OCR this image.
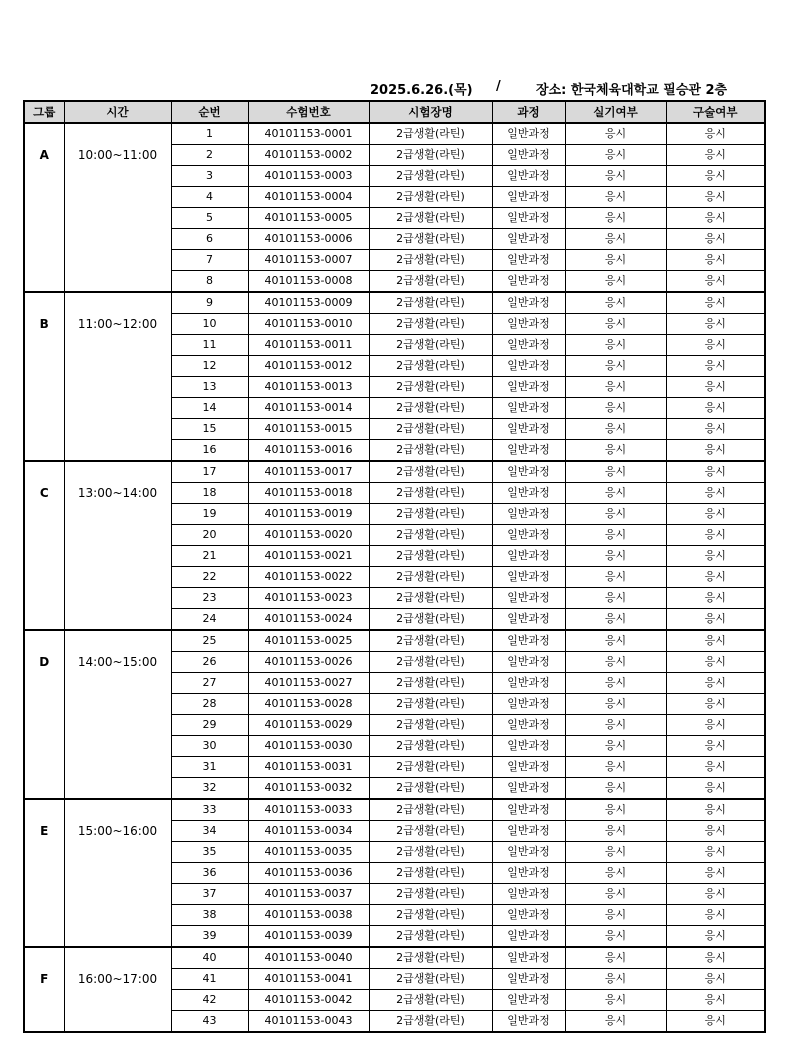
2025.6.26.(목) /	장소: 한국체육대학교 필승관 2층
그룹	시간	순번	수험번호	시험장명	과정	실기여부	구술여부
A	10:00~11:00	1	40101153-0001	2급생활(라틴)	일반과정	응시	응시
		2	40101153-0002	2급생활(라틴)	일반과정	응시	응시
		3	40101153-0003	2급생활(라틴)	일반과정	응시	응시
		4	40101153-0004	2급생활(라틴)	일반과정	응시	응시
		5	40101153-0005	2급생활(라틴)	일반과정	응시	응시
		6	40101153-0006	2급생활(라틴)	일반과정	응시	응시
		7	40101153-0007	2급생활(라틴)	일반과정	응시	응시
		8	40101153-0008	2급생활(라틴)	일반과정	응시	응시
B	11:00~12:00	9	40101153-0009	2급생활(라틴)	일반과정	응시	응시
		10	40101153-0010	2급생활(라틴)	일반과정	응시	응시
		11	40101153-0011	2급생활(라틴)	일반과정	응시	응시
		12	40101153-0012	2급생활(라틴)	일반과정	응시	응시
		13	40101153-0013	2급생활(라틴)	일반과정	응시	응시
		14	40101153-0014	2급생활(라틴)	일반과정	응시	응시
		15	40101153-0015	2급생활(라틴)	일반과정	응시	응시
		16	40101153-0016	2급생활(라틴)	일반과정	응시	응시
C	13:00~14:00	17	40101153-0017	2급생활(라틴)	일반과정	응시	응시
		18	40101153-0018	2급생활(라틴)	일반과정	응시	응시
		19	40101153-0019	2급생활(라틴)	일반과정	응시	응시
		20	40101153-0020	2급생활(라틴)	일반과정	응시	응시
		21	40101153-0021	2급생활(라틴)	일반과정	응시	응시
		22	40101153-0022	2급생활(라틴)	일반과정	응시	응시
		23	40101153-0023	2급생활(라틴)	일반과정	응시	응시
		24	40101153-0024	2급생활(라틴)	일반과정	응시	응시
D	14:00~15:00	25	40101153-0025	2급생활(라틴)	일반과정	응시	응시
		26	40101153-0026	2급생활(라틴)	일반과정	응시	응시
		27	40101153-0027	2급생활(라틴)	일반과정	응시	응시
		28	40101153-0028	2급생활(라틴)	일반과정	응시	응시
		29	40101153-0029	2급생활(라틴)	일반과정	응시	응시
		30	40101153-0030	2급생활(라틴)	일반과정	응시	응시
		31	40101153-0031	2급생활(라틴)	일반과정	응시	응시
		32	40101153-0032	2급생활(라틴)	일반과정	응시	응시
E	15:00~16:00	33	40101153-0033	2급생활(라틴)	일반과정	응시	응시
		34	40101153-0034	2급생활(라틴)	일반과정	응시	응시
		35	40101153-0035	2급생활(라틴)	일반과정	응시	응시
		36	40101153-0036	2급생활(라틴)	일반과정	응시	응시
		37	40101153-0037	2급생활(라틴)	일반과정	응시	응시
		38	40101153-0038	2급생활(라틴)	일반과정	응시	응시
		39	40101153-0039	2급생활(라틴)	일반과정	응시	응시
F	16:00~17:00	40	40101153-0040	2급생활(라틴)	일반과정	응시	응시
		41	40101153-0041	2급생활(라틴)	일반과정	응시	응시
		42	40101153-0042	2급생활(라틴)	일반과정	응시	응시
		43	40101153-0043	2급생활(라틴)	일반과정	응시	응시
